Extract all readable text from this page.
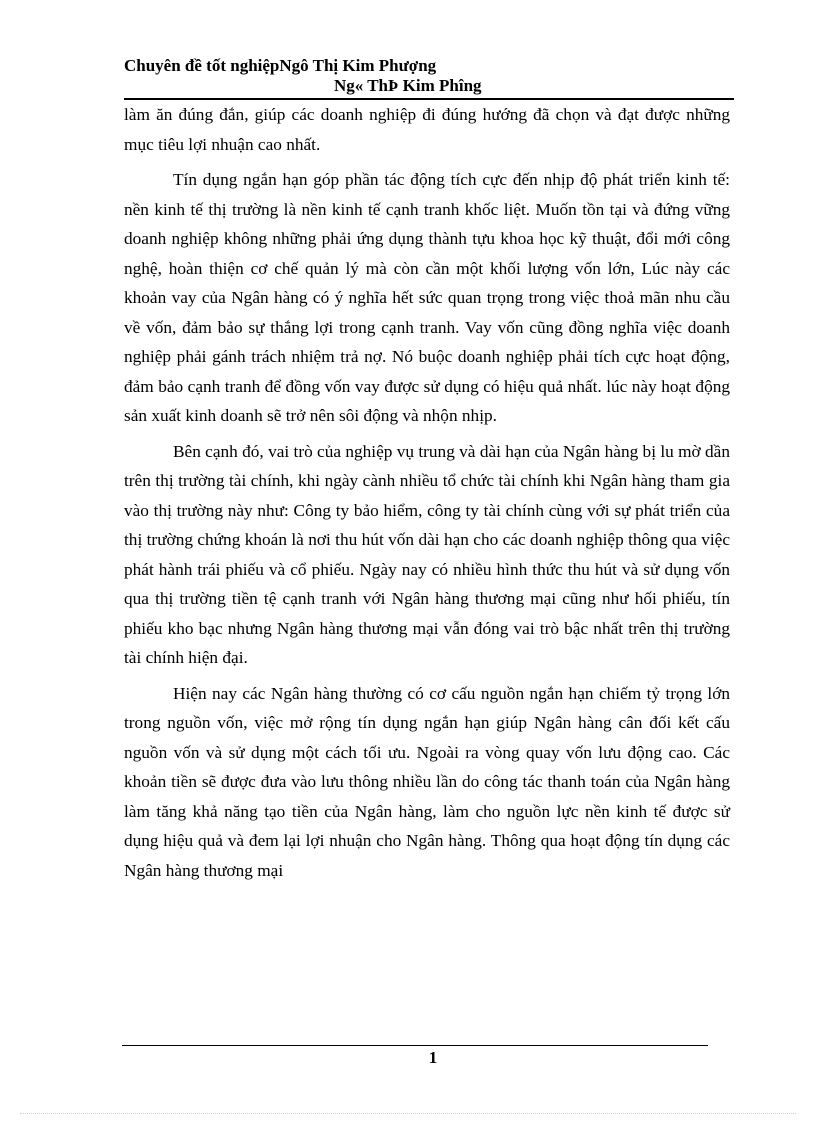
Chuyên đề tốt nghiệpNgô Thị Kim Phượng
Ng« ThÞ Kim Phîng

làm ăn đúng đắn, giúp các doanh nghiệp đi đúng hướng đã chọn và đạt được những mục tiêu lợi nhuận cao nhất.

Tín dụng ngắn hạn góp phần tác động tích cực đến nhịp độ phát triển kinh tế: nền kinh tế thị trường là nền kinh tế cạnh tranh khốc liệt. Muốn tồn tại và đứng vững doanh nghiệp không những phải ứng dụng thành tựu khoa học kỹ thuật, đổi mới công nghệ, hoàn thiện cơ chế quản lý mà còn cần một khối lượng vốn lớn, Lúc này các khoản vay của Ngân hàng có ý nghĩa hết sức quan trọng trong việc thoả mãn nhu cầu về vốn, đảm bảo sự thắng lợi trong cạnh tranh. Vay vốn cũng đồng nghĩa việc doanh nghiệp phải gánh trách nhiệm trả nợ. Nó buộc doanh nghiệp phải tích cực hoạt động, đảm bảo cạnh tranh để đồng vốn vay được sử dụng có hiệu quả nhất. lúc này hoạt động sản xuất kinh doanh sẽ trở nên sôi động và nhộn nhịp.

Bên cạnh đó, vai trò của nghiệp vụ trung và dài hạn của Ngân hàng bị lu mờ dần trên thị trường tài chính, khi ngày cành nhiều tổ chức tài chính khi Ngân hàng tham gia vào thị trường này như: Công ty bảo hiểm, công ty tài chính cùng với sự phát triển của thị trường chứng khoán là nơi thu hút vốn dài hạn cho các doanh nghiệp thông qua việc phát hành trái phiếu và cổ phiếu. Ngày nay có nhiều hình thức thu hút và sử dụng vốn qua thị trường tiền tệ cạnh tranh với Ngân hàng thương mại cũng như hối phiếu, tín phiếu kho bạc nhưng Ngân hàng thương mại vẫn đóng vai trò bậc nhất trên thị trường tài chính hiện đại.

Hiện nay các Ngân hàng thường có cơ cấu nguồn ngắn hạn chiếm tỷ trọng lớn trong nguồn vốn, việc mở rộng tín dụng ngắn hạn giúp Ngân hàng cân đối kết cấu nguồn vốn và sử dụng một cách tối ưu. Ngoài ra vòng quay vốn lưu động cao. Các khoản tiền sẽ được đưa vào lưu thông nhiều lần do công tác thanh toán của Ngân hàng làm tăng khả năng tạo tiền của Ngân hàng, làm cho nguồn lực nền kinh tế được sử dụng hiệu quả và đem lại lợi nhuận cho Ngân hàng. Thông qua hoạt động tín dụng các Ngân hàng thương mại

1
